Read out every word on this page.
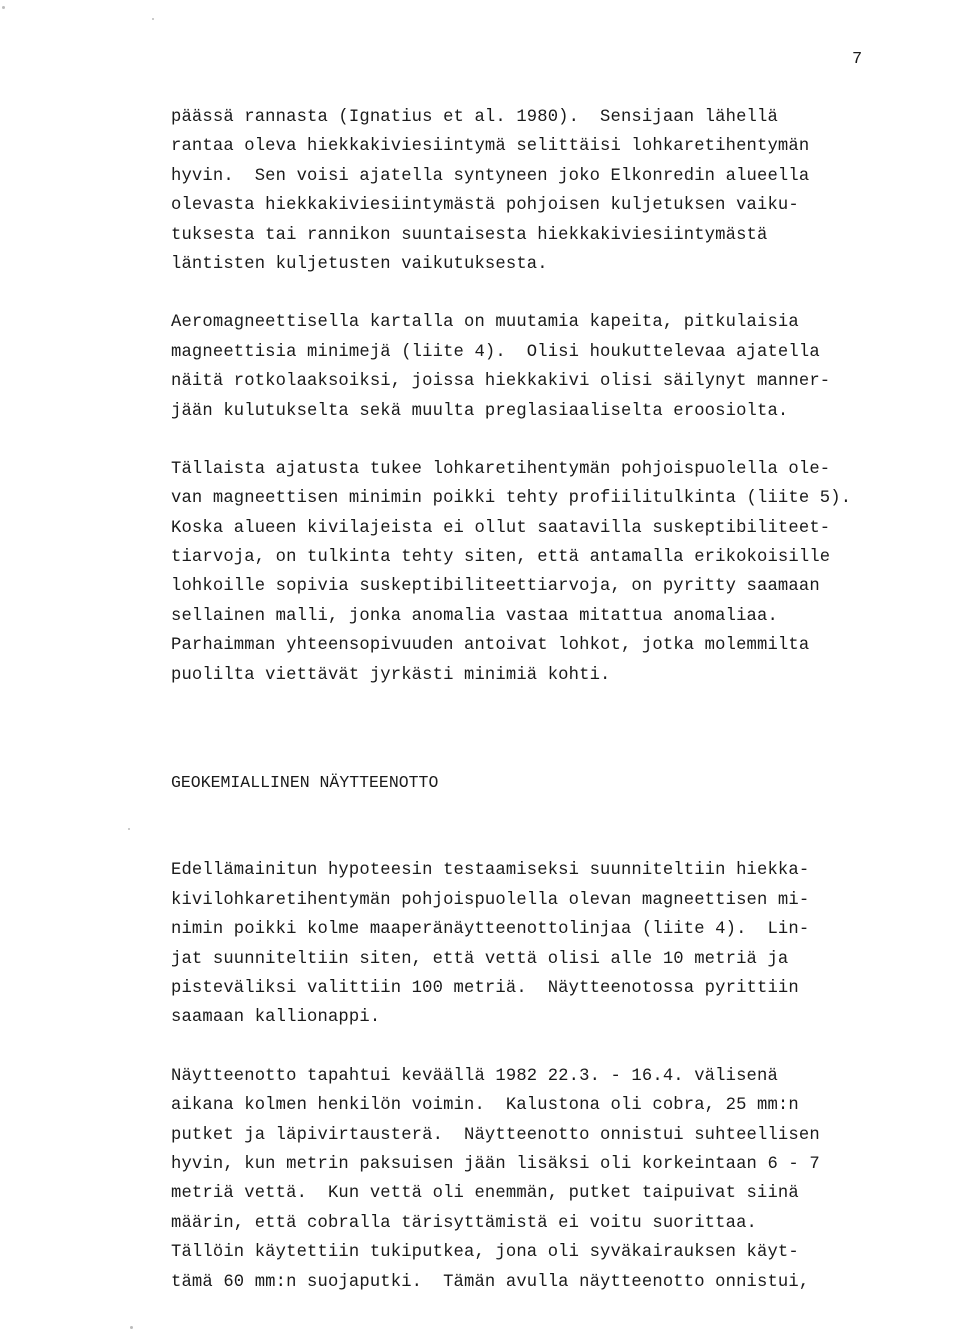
7
päässä rannasta (Ignatius et al. 1980).  Sensijaan lähellä
rantaa oleva hiekkakiviesiintymä selittäisi lohkaretihentymän
hyvin.  Sen voisi ajatella syntyneen joko Elkonredin alueella
olevasta hiekkakiviesiintymästä pohjoisen kuljetuksen vaiku-
tuksesta tai rannikon suuntaisesta hiekkakiviesiintymästä
läntisten kuljetusten vaikutuksesta.
Aeromagneettisella kartalla on muutamia kapeita, pitkulaisia
magneettisia minimejä (liite 4).  Olisi houkuttelevaa ajatella
näitä rotkolaaksoiksi, joissa hiekkakivi olisi säilynyt manner-
jään kulutukselta sekä muulta preglasiaaliselta eroosiolta.
Tällaista ajatusta tukee lohkaretihentymän pohjoispuolella ole-
van magneettisen minimin poikki tehty profiilitulkinta (liite 5).
Koska alueen kivilajeista ei ollut saatavilla suskeptibiliteet-
tiarvoja, on tulkinta tehty siten, että antamalla erikokoisille
lohkoille sopivia suskeptibiliteettiarvoja, on pyritty saamaan
sellainen malli, jonka anomalia vastaa mitattua anomaliaa.
Parhaimman yhteensopivuuden antoivat lohkot, jotka molemmilta
puolilta viettävät jyrkästi minimiä kohti.
GEOKEMIALLINEN NÄYTTEENOTTO
Edellämainitun hypoteesin testaamiseksi suunniteltiin hiekka-
kivilohkaretihentymän pohjoispuolella olevan magneettisen mi-
nimin poikki kolme maaperänäytteenottolinjaa (liite 4).  Lin-
jat suunniteltiin siten, että vettä olisi alle 10 metriä ja
pisteväliksi valittiin 100 metriä.  Näytteenotossa pyrittiin
saamaan kallionappi.
Näytteenotto tapahtui keväällä 1982 22.3. - 16.4. välisenä
aikana kolmen henkilön voimin.  Kalustona oli cobra, 25 mm:n
putket ja läpivirtausterä.  Näytteenotto onnistui suhteellisen
hyvin, kun metrin paksuisen jään lisäksi oli korkeintaan 6 - 7
metriä vettä.  Kun vettä oli enemmän, putket taipuivat siinä
määrin, että cobralla tärisyttämistä ei voitu suorittaa.
Tällöin käytettiin tukiputkea, jona oli syväkairauksen käyt-
tämä 60 mm:n suojaputki.  Tämän avulla näytteenotto onnistui,
